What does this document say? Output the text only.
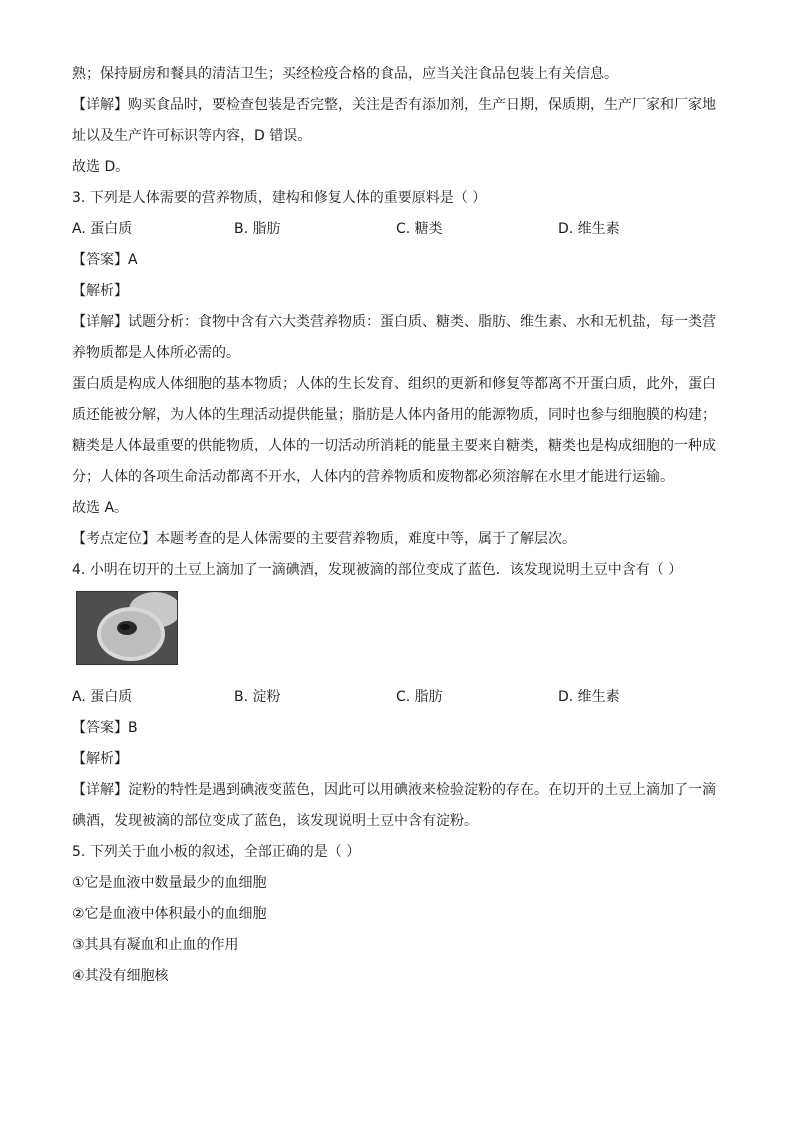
熟；保持厨房和餐具的清洁卫生；买经检疫合格的食品，应当关注食品包装上有关信息。
【详解】购买食品时，要检查包装是否完整，关注是否有添加剂，生产日期，保质期，生产厂家和厂家地
址以及生产许可标识等内容，D 错误。
故选 D。
3. 下列是人体需要的营养物质，建构和修复人体的重要原料是（ ）
A. 蛋白质	B. 脂肪	C. 糖类	D. 维生素
【答案】A
【解析】
【详解】试题分析：食物中含有六大类营养物质：蛋白质、糖类、脂肪、维生素、水和无机盐，每一类营
养物质都是人体所必需的。
蛋白质是构成人体细胞的基本物质；人体的生长发育、组织的更新和修复等都离不开蛋白质，此外，蛋白
质还能被分解，为人体的生理活动提供能量；脂肪是人体内备用的能源物质，同时也参与细胞膜的构建；
糖类是人体最重要的供能物质，人体的一切活动所消耗的能量主要来自糖类，糖类也是构成细胞的一种成
分；人体的各项生命活动都离不开水，人体内的营养物质和废物都必须溶解在水里才能进行运输。
故选 A。
【考点定位】本题考查的是人体需要的主要营养物质，难度中等，属于了解层次。
4. 小明在切开的土豆上滴加了一滴碘酒，发现被滴的部位变成了蓝色．该发现说明土豆中含有（ ）
A. 蛋白质	B. 淀粉	C. 脂肪	D. 维生素
【答案】B
【解析】
【详解】淀粉的特性是遇到碘液变蓝色，因此可以用碘液来检验淀粉的存在。在切开的土豆上滴加了一滴
碘酒，发现被滴的部位变成了蓝色，该发现说明土豆中含有淀粉。
5. 下列关于血小板的叙述，全部正确的是（ ）
①它是血液中数量最少的血细胞
②它是血液中体积最小的血细胞
③其具有凝血和止血的作用
④其没有细胞核
